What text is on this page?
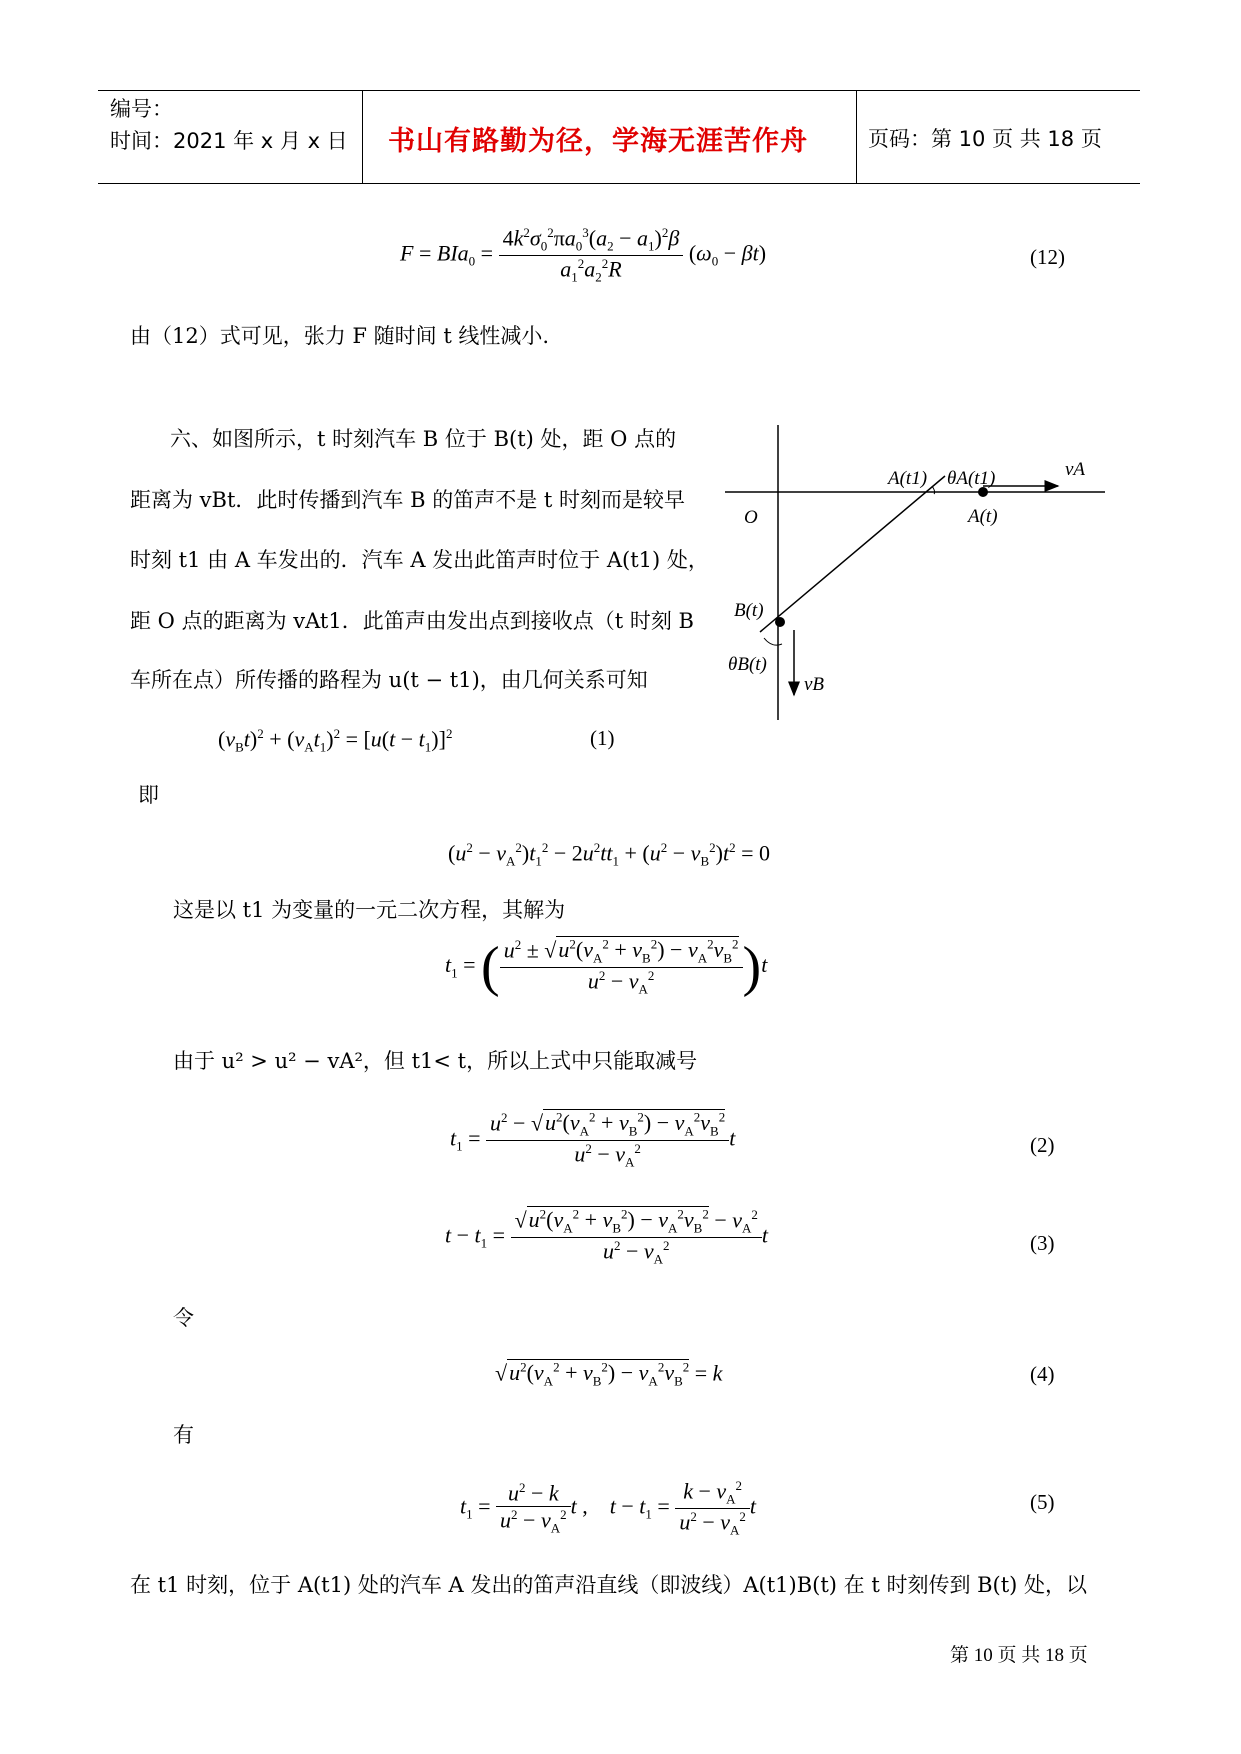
编号：
时间：2021 年 x 月 x 日 书山有路勤为径，学海无涯苦作舟	页码：第 10 页 共 18 页
$F = BIa_0 = \frac{4k^2\sigma_0^2\pi a_0^3(a_2 - a_1)^2\beta}{a_1^2a_2^2R} (\omega_0 - \beta t)$	(12)
由（12）式可见，张力 F 随时间 t 线性减小.
六、如图所示，t 时刻汽车 B 位于 B(t) 处，距 O 点的
距离为 vBt．此时传播到汽车 B 的笛声不是 t 时刻而是较早
时刻 t1 由 A 车发出的．汽车 A 发出此笛声时位于 A(t1) 处，
距 O 点的距离为 vAt1．此笛声由发出点到接收点（t 时刻 B
车所在点）所传播的路程为 u(t − t1)，由几何关系可知
O
A(t1) θA(t1)	vA
A(t)
B(t)
θB(t)
vB
$(v_Bt)^2 + (v_At_1)^2 = [u(t - t_1)]^2$	(1)
即
$(u^2 - v_A^2)t_1^2 - 2u^2tt_1 + (u^2 - v_B^2)t^2 = 0$
这是以 t1 为变量的一元二次方程，其解为
$t_1$ = ( $\frac{u^2 \pm √u^2(v_A^2 + v_B^2) - v_A^2v_B^2}{u^2 - v_A^2} )t$
由于 u² > u² − vA²，但 t1< t，所以上式中只能取减号
$t_1 = \frac{u^2 - √u^2(v_A^2 + v_B^2) - v_A^2v_B^2}{u^2 - v_A^2}$ t	(2)
$t - t_1 = \frac{√u^2(v_A^2 + v_B^2) - v_A^2v_B^2 - v_A^2}{u^2 - v_A^2}$ t	(3)
令
$√u^2(v_A^2 + v_B^2) - v_A^2v_B^2 = k$	(4)
有
$t_1 = \frac{u^2 - k}{u^2 - v_A^2}$ t ,    $t - t_1 = \frac{k - v_A^2}{u^2 - v_A^2}$ t	(5)
在 t1 时刻，位于 A(t1) 处的汽车 A 发出的笛声沿直线（即波线）A(t1)B(t) 在 t 时刻传到 B(t) 处，以
第 10 页 共 18 页
